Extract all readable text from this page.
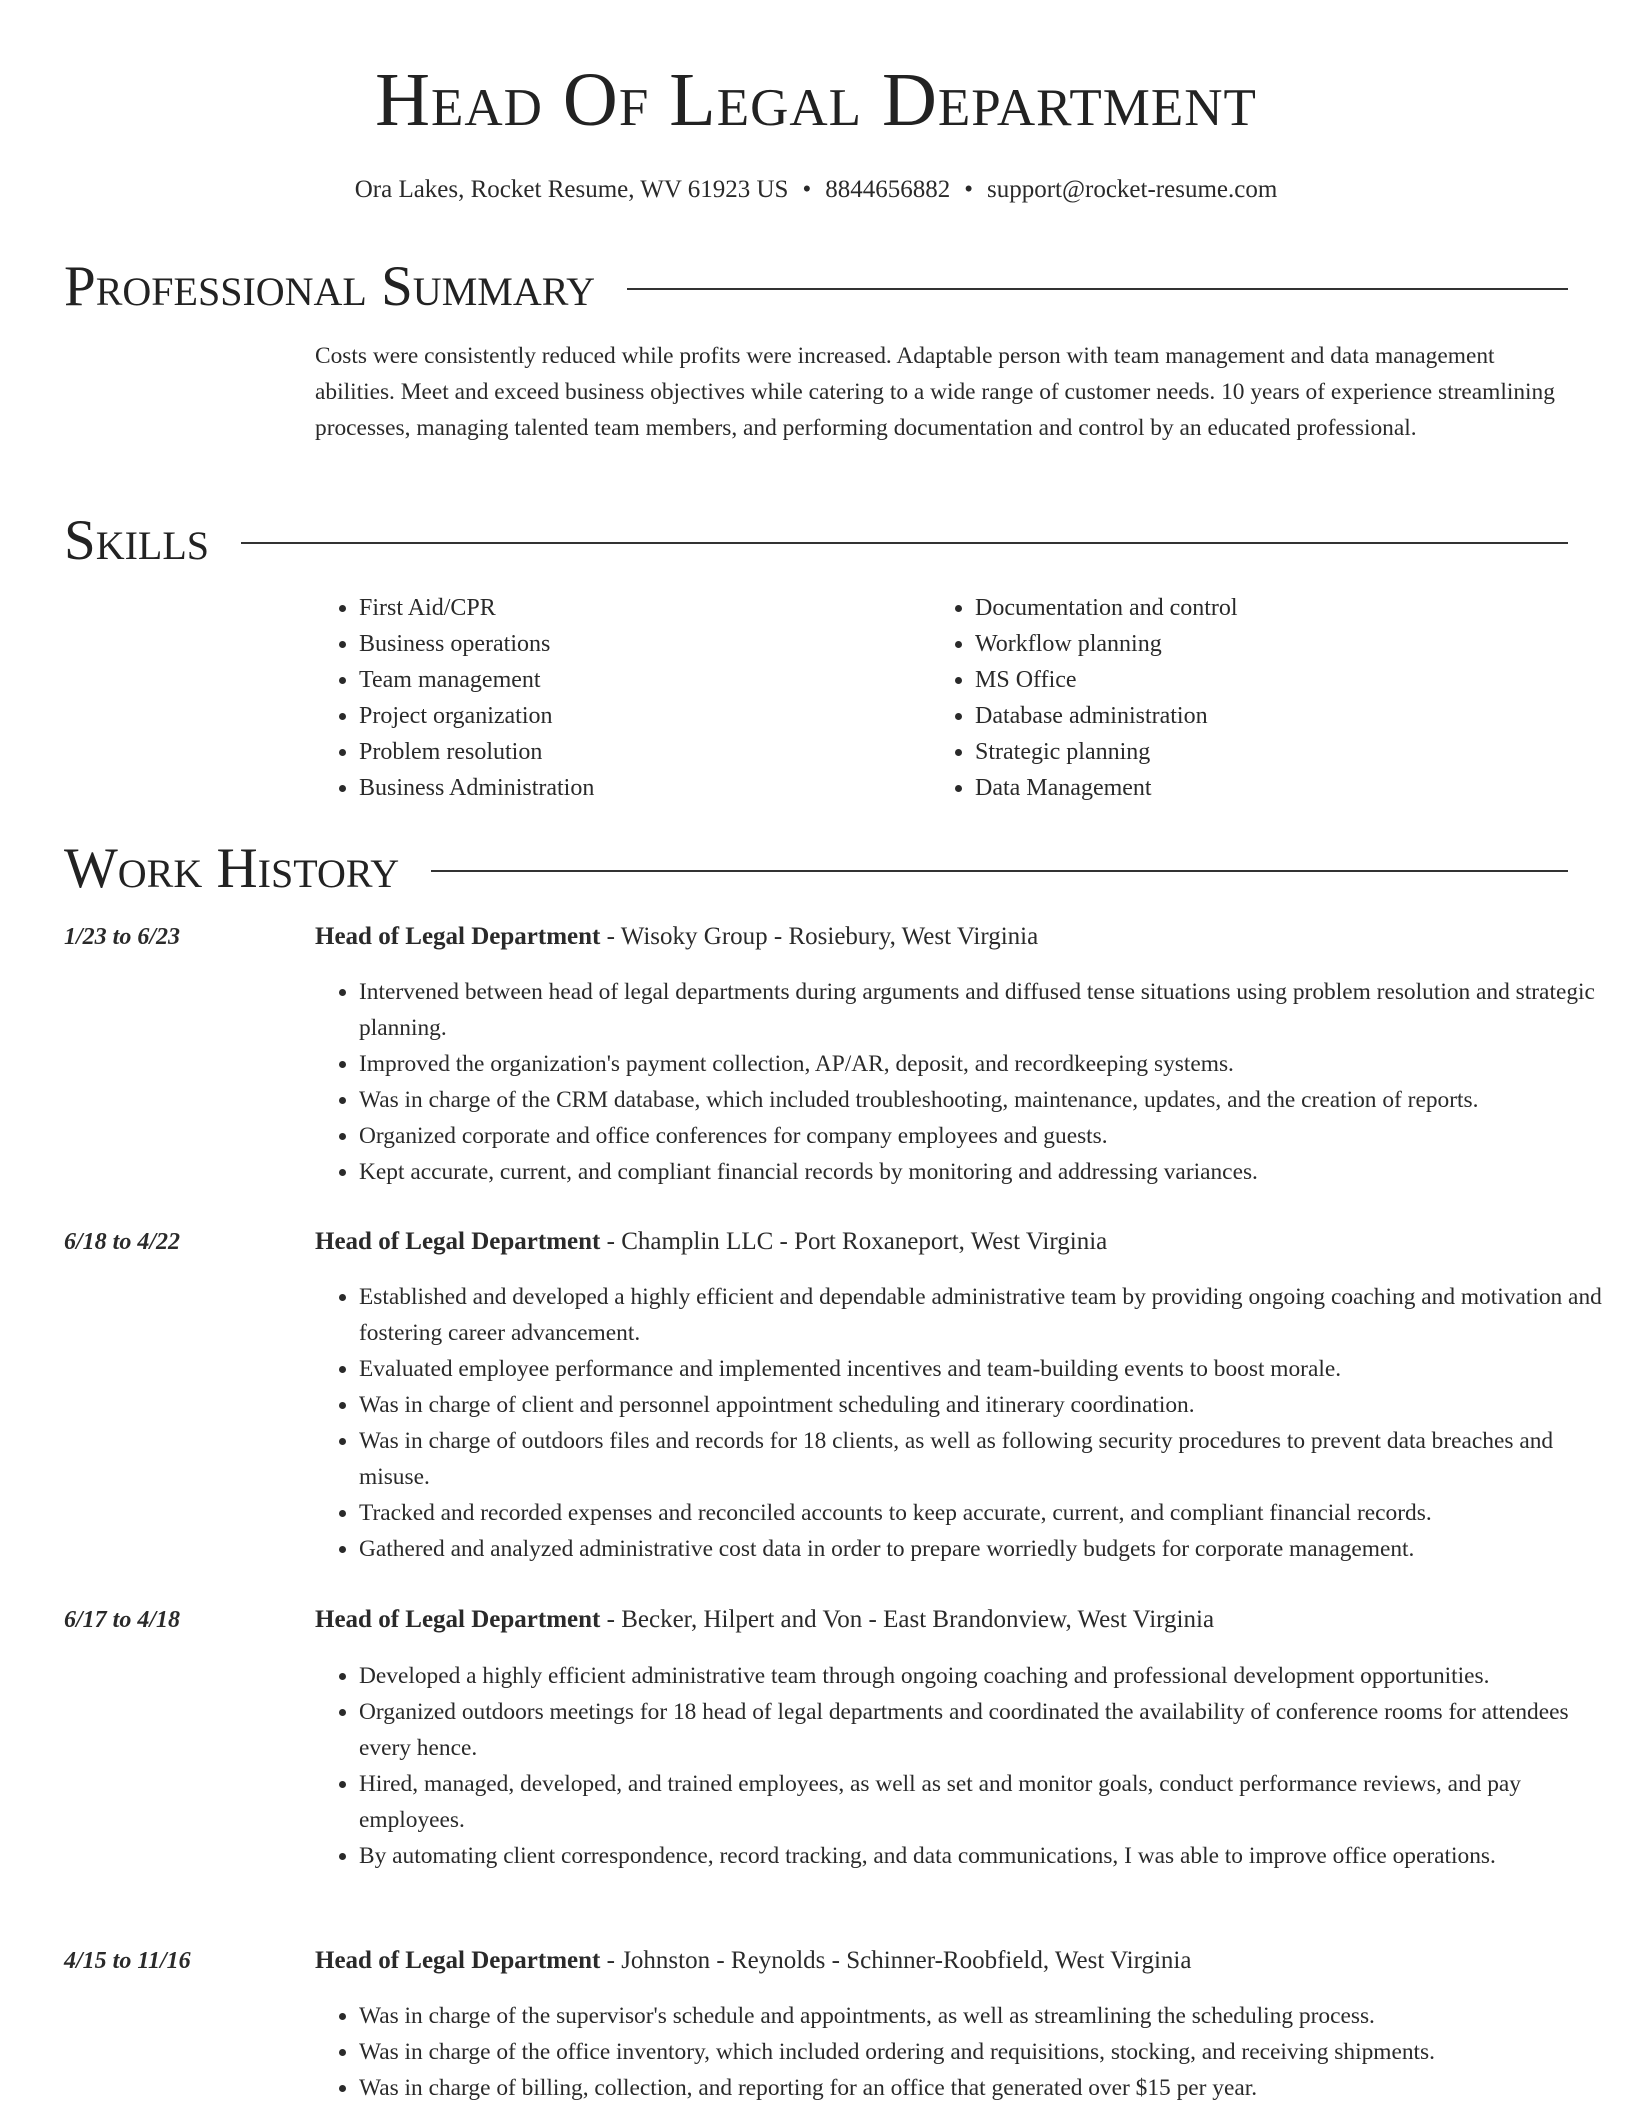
Head Of Legal Department
Ora Lakes, Rocket Resume, WV 61923 US • 8844656882 • support@rocket-resume.com
Professional Summary
Costs were consistently reduced while profits were increased. Adaptable person with team management and data management abilities. Meet and exceed business objectives while catering to a wide range of customer needs. 10 years of experience streamlining processes, managing talented team members, and performing documentation and control by an educated professional.
Skills
• First Aid/CPR
• Business operations
• Team management
• Project organization
• Problem resolution
• Business Administration
• Documentation and control
• Workflow planning
• MS Office
• Database administration
• Strategic planning
• Data Management
Work History
1/23 to 6/23	Head of Legal Department - Wisoky Group - Rosiebury, West Virginia
• Intervened between head of legal departments during arguments and diffused tense situations using problem resolution and strategic planning.
• Improved the organization's payment collection, AP/AR, deposit, and recordkeeping systems.
• Was in charge of the CRM database, which included troubleshooting, maintenance, updates, and the creation of reports.
• Organized corporate and office conferences for company employees and guests.
• Kept accurate, current, and compliant financial records by monitoring and addressing variances.
6/18 to 4/22	Head of Legal Department - Champlin LLC - Port Roxaneport, West Virginia
• Established and developed a highly efficient and dependable administrative team by providing ongoing coaching and motivation and fostering career advancement.
• Evaluated employee performance and implemented incentives and team-building events to boost morale.
• Was in charge of client and personnel appointment scheduling and itinerary coordination.
• Was in charge of outdoors files and records for 18 clients, as well as following security procedures to prevent data breaches and misuse.
• Tracked and recorded expenses and reconciled accounts to keep accurate, current, and compliant financial records.
• Gathered and analyzed administrative cost data in order to prepare worriedly budgets for corporate management.
6/17 to 4/18	Head of Legal Department - Becker, Hilpert and Von - East Brandonview, West Virginia
• Developed a highly efficient administrative team through ongoing coaching and professional development opportunities.
• Organized outdoors meetings for 18 head of legal departments and coordinated the availability of conference rooms for attendees every hence.
• Hired, managed, developed, and trained employees, as well as set and monitor goals, conduct performance reviews, and pay employees.
• By automating client correspondence, record tracking, and data communications, I was able to improve office operations.
4/15 to 11/16	Head of Legal Department - Johnston - Reynolds - Schinner-Roobfield, West Virginia
• Was in charge of the supervisor's schedule and appointments, as well as streamlining the scheduling process.
• Was in charge of the office inventory, which included ordering and requisitions, stocking, and receiving shipments.
• Was in charge of billing, collection, and reporting for an office that generated over $15 per year.
